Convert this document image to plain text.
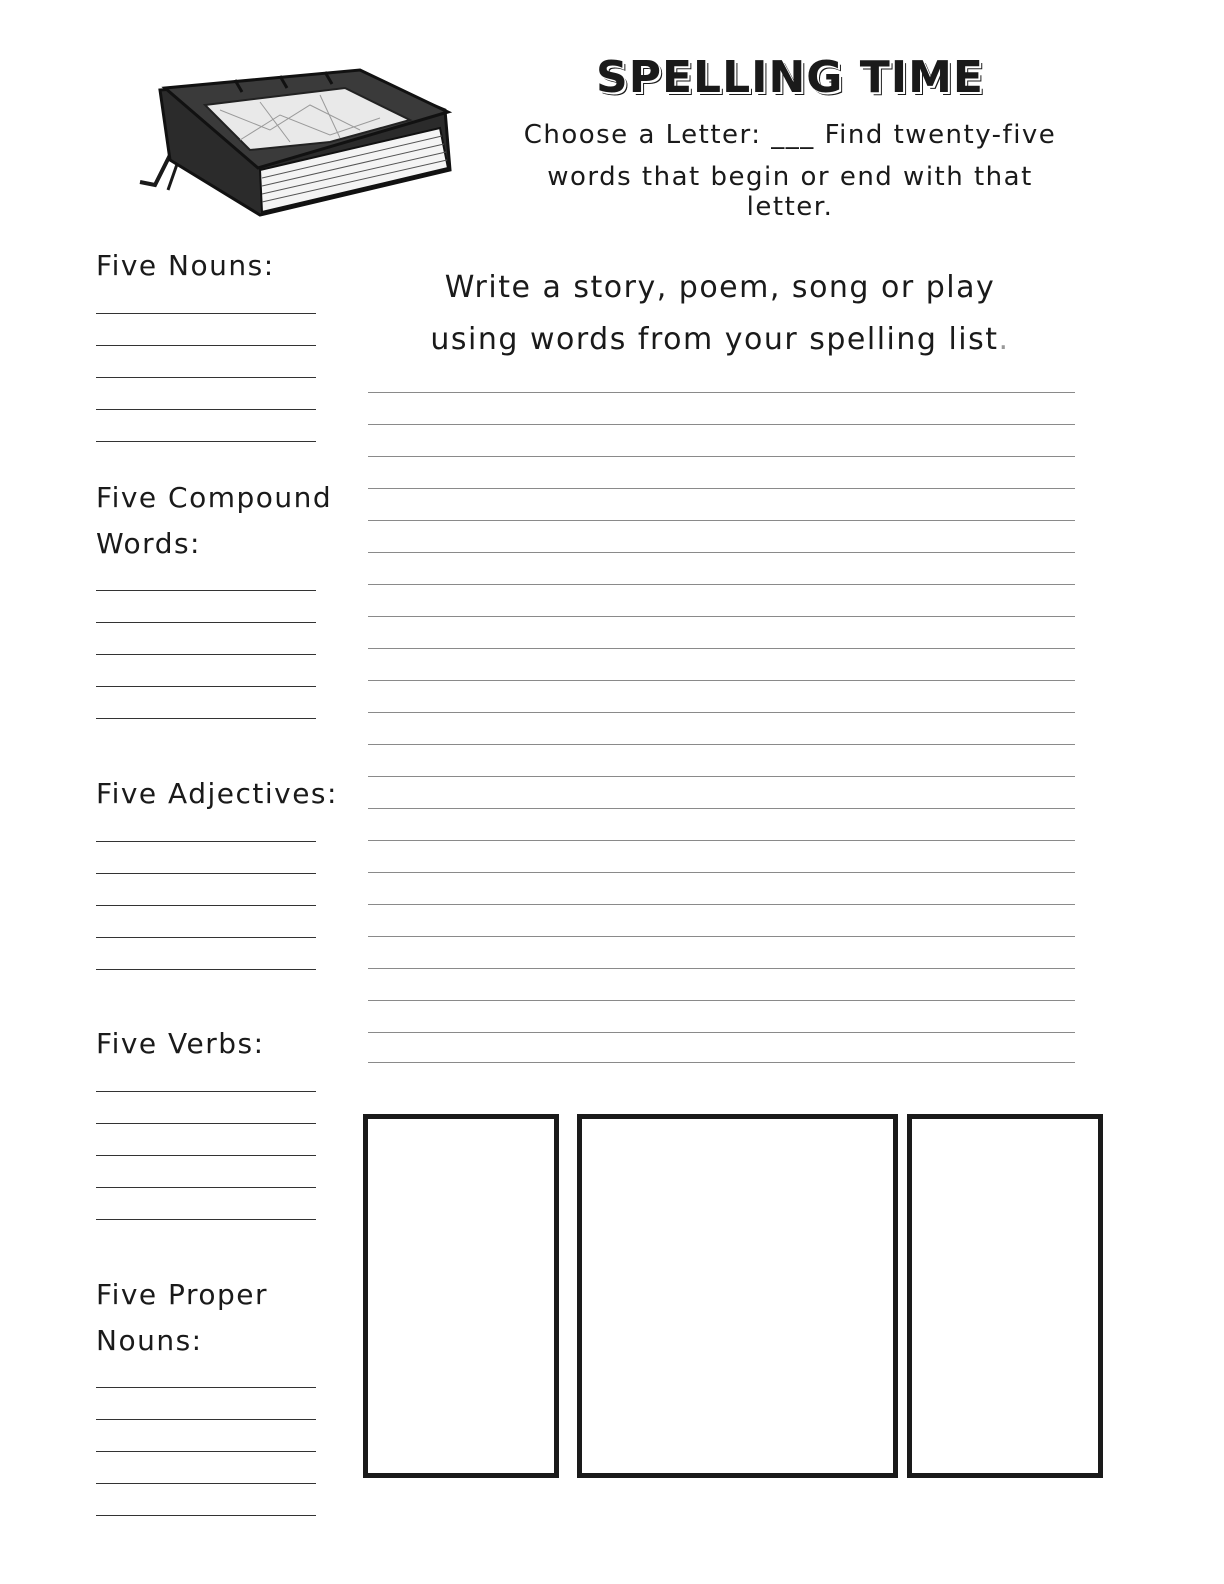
SPELLING TIME
Choose a Letter: ___ Find twenty-five
words that begin or end with that letter.
Five Nouns:
Five Compound
Words:
Five Adjectives:
Five Verbs:
Five Proper
Nouns:
Write a story, poem, song or play
using words from your spelling list.
